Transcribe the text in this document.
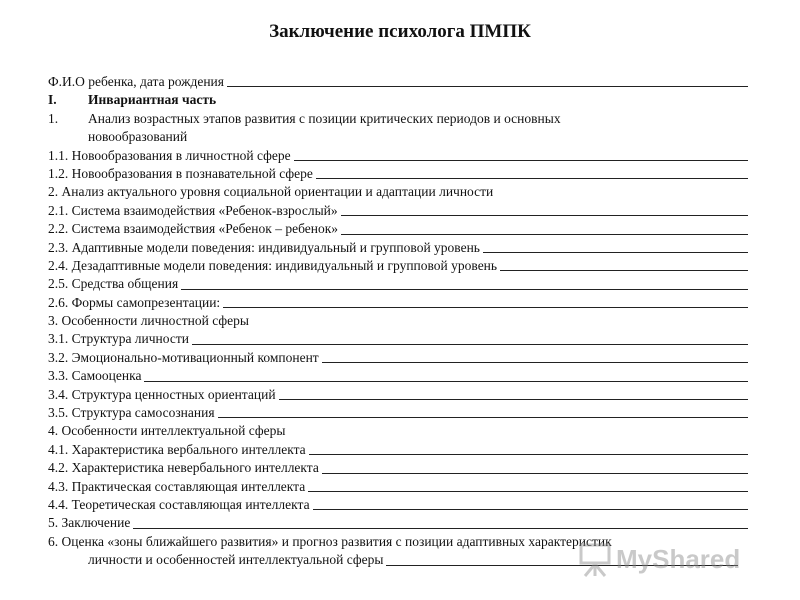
Заключение психолога ПМПК
Ф.И.О ребенка, дата рождения
I.	Инвариантная часть
1.	Анализ возрастных этапов развития с позиции критических периодов и основных
новообразований
1.1. Новообразования в личностной сфере
1.2. Новообразования в познавательной сфере
2. Анализ актуального уровня социальной ориентации и адаптации личности
2.1. Система взаимодействия «Ребенок-взрослый»
2.2. Система взаимодействия «Ребенок – ребенок»
2.3. Адаптивные модели поведения: индивидуальный и групповой уровень
2.4. Дезадаптивные модели поведения: индивидуальный и групповой уровень
2.5. Средства общения
2.6. Формы самопрезентации:
3. Особенности личностной сферы
3.1. Структура личности
3.2. Эмоционально-мотивационный компонент
3.3. Самооценка
3.4. Структура ценностных ориентаций
3.5. Структура самосознания
4. Особенности интеллектуальной сферы
4.1. Характеристика вербального интеллекта
4.2. Характеристика невербального интеллекта
4.3. Практическая составляющая интеллекта
4.4. Теоретическая составляющая интеллекта
5. Заключение
6. Оценка «зоны ближайшего развития» и прогноз развития с позиции адаптивных характеристик
личности и особенностей интеллектуальной сферы	MyShared
